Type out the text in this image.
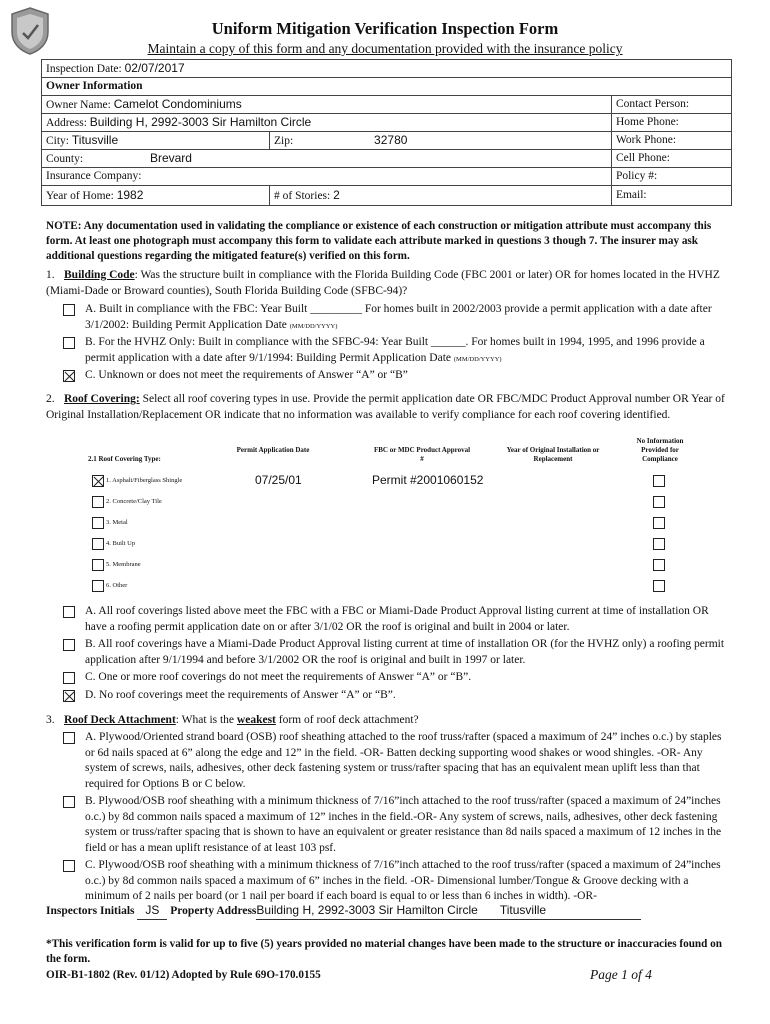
Uniform Mitigation Verification Inspection Form
Maintain a copy of this form and any documentation provided with the insurance policy
Inspection Date: 02/07/2017		
Owner Information		
Owner Name: Camelot Condominiums		Contact Person:
Address: Building H, 2992-3003 Sir Hamilton Circle		Home Phone:
City: Titusville	Zip: 32780	Work Phone:
County: Brevard		Cell Phone:
Insurance Company:		Policy #:
Year of Home: 1982	# of Stories: 2	Email:
NOTE: Any documentation used in validating the compliance or existence of each construction or mitigation attribute must accompany this form. At least one photograph must accompany this form to validate each attribute marked in questions 3 though 7. The insurer may ask additional questions regarding the mitigated feature(s) verified on this form.
1. Building Code: Was the structure built in compliance with the Florida Building Code (FBC 2001 or later) OR for homes located in the HVHZ (Miami-Dade or Broward counties), South Florida Building Code (SFBC-94)?
A. Built in compliance with the FBC: Year Built _________ For homes built in 2002/2003 provide a permit application with a date after 3/1/2002: Building Permit Application Date (MM/DD/YYYY)
B. For the HVHZ Only: Built in compliance with the SFBC-94: Year Built ______. For homes built in 1994, 1995, and 1996 provide a permit application with a date after 9/1/1994: Building Permit Application Date (MM/DD/YYYY)
C. Unknown or does not meet the requirements of Answer “A” or “B”
2. Roof Covering: Select all roof covering types in use. Provide the permit application date OR FBC/MDC Product Approval number OR Year of Original Installation/Replacement OR indicate that no information was available to verify compliance for each roof covering identified.
2.1 Roof Covering Type:
Permit Application Date	FBC or MDC Product Approval #
Year of Original Installation or Replacement
No Information Provided for Compliance
1. Asphalt/Fiberglass Shingle	07/25/01	Permit #2001060152
2. Concrete/Clay Tile
3. Metal
4. Built Up
5. Membrane
6. Other
A. All roof coverings listed above meet the FBC with a FBC or Miami-Dade Product Approval listing current at time of installation OR have a roofing permit application date on or after 3/1/02 OR the roof is original and built in 2004 or later.
B. All roof coverings have a Miami-Dade Product Approval listing current at time of installation OR (for the HVHZ only) a roofing permit application after 9/1/1994 and before 3/1/2002 OR the roof is original and built in 1997 or later.
C. One or more roof coverings do not meet the requirements of Answer “A” or “B”.
D. No roof coverings meet the requirements of Answer “A” or “B”.
3. Roof Deck Attachment: What is the weakest form of roof deck attachment?
A. Plywood/Oriented strand board (OSB) roof sheathing attached to the roof truss/rafter (spaced a maximum of 24” inches o.c.) by staples or 6d nails spaced at 6” along the edge and 12” in the field. -OR- Batten decking supporting wood shakes or wood shingles. -OR- Any system of screws, nails, adhesives, other deck fastening system or truss/rafter spacing that has an equivalent mean uplift less than that required for Options B or C below.
B. Plywood/OSB roof sheathing with a minimum thickness of 7/16”inch attached to the roof truss/rafter (spaced a maximum of 24”inches o.c.) by 8d common nails spaced a maximum of 12” inches in the field.-OR- Any system of screws, nails, adhesives, other deck fastening system or truss/rafter spacing that is shown to have an equivalent or greater resistance than 8d nails spaced a maximum of 12 inches in the field or has a mean uplift resistance of at least 103 psf.
C. Plywood/OSB roof sheathing with a minimum thickness of 7/16”inch attached to the roof truss/rafter (spaced a maximum of 24”inches o.c.) by 8d common nails spaced a maximum of 6” inches in the field. -OR- Dimensional lumber/Tongue & Groove decking with a minimum of 2 nails per board (or 1 nail per board if each board is equal to or less than 6 inches in width). -OR-
Inspectors Initials JS Property AddressBuilding H, 2992-3003 Sir Hamilton Circle Titusville
*This verification form is valid for up to five (5) years provided no material changes have been made to the structure or inaccuracies found on the form.
OIR-B1-1802 (Rev. 01/12) Adopted by Rule 69O-170.0155	Page 1 of 4
